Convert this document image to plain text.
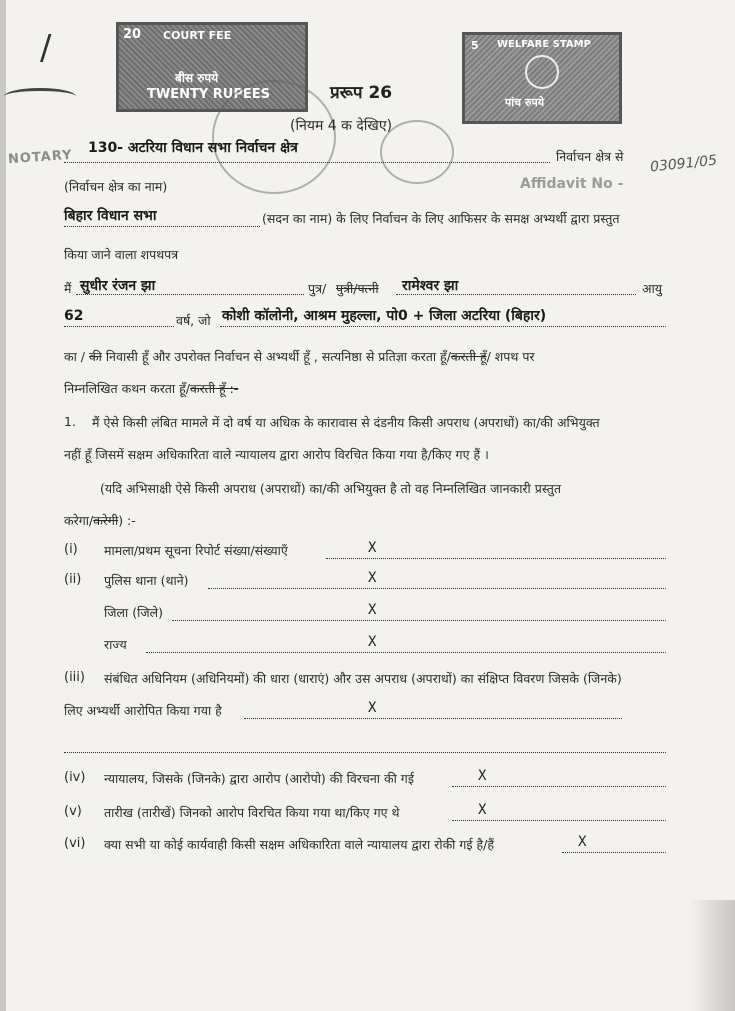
/
NOTARY
20 COURT FEE
बीस रुपये
TWENTY RUPEES
WELFARE STAMP
पांच रुपये
5
प्ररूप 26
(नियम 4 क देखिए)
03091/05
Affidavit No -
130- अटरिया विधान सभा निर्वाचन क्षेत्र
निर्वाचन क्षेत्र से
(निर्वाचन क्षेत्र का नाम)
बिहार विधान सभा	(सदन का नाम) के लिए निर्वाचन के लिए आफिसर के समक्ष अभ्यर्थी द्वारा प्रस्तुत
किया जाने वाला शपथपत्र
मैं सुधीर रंजन झा	पुत्र/ पुत्री/पत्नी रामेश्वर झा	आयु
62	वर्ष, जो कोशी कॉलोनी, आश्रम मुहल्ला, पो0 + जिला अटरिया (बिहार)
का / की निवासी हूँ और उपरोक्त निर्वाचन से अभ्यर्थी हूँ , सत्यनिष्ठा से प्रतिज्ञा करता हूँ/करती हूँ/ शपथ पर
निम्नलिखित कथन करता हूँ/करती हूँ :-
1. मैं ऐसे किसी लंबित मामले में दो वर्ष या अधिक के कारावास से दंडनीय किसी अपराध (अपराधों) का/की अभियुक्त
नहीं हूँ जिसमें सक्षम अधिकारिता वाले न्यायालय द्वारा आरोप विरचित किया गया है/किए गए हैं ।
(यदि अभिसाक्षी ऐसे किसी अपराध (अपराधों) का/की अभियुक्त है तो वह निम्नलिखित जानकारी प्रस्तुत
करेगा/करेगी) :-
(i) मामला/प्रथम सूचना रिपोर्ट संख्या/संख्याएँ	X
(ii) पुलिस थाना (थाने)	X
जिला (जिले)	X
राज्य	X
(iii) संबंधित अधिनियम (अधिनियमों) की धारा (धाराएं) और उस अपराध (अपराधों) का संक्षिप्त विवरण जिसके (जिनके)
लिए अभ्यर्थी आरोपित किया गया है	X
(iv) न्यायालय, जिसके (जिनके) द्वारा आरोप (आरोपो) की विरचना की गई	X
(v) तारीख (तारीखें) जिनको आरोप विरचित किया गया था/किए गए थे	X
(vi) क्या सभी या कोई कार्यवाही किसी सक्षम अधिकारिता वाले न्यायालय द्वारा रोकी गई है/हैं	X
